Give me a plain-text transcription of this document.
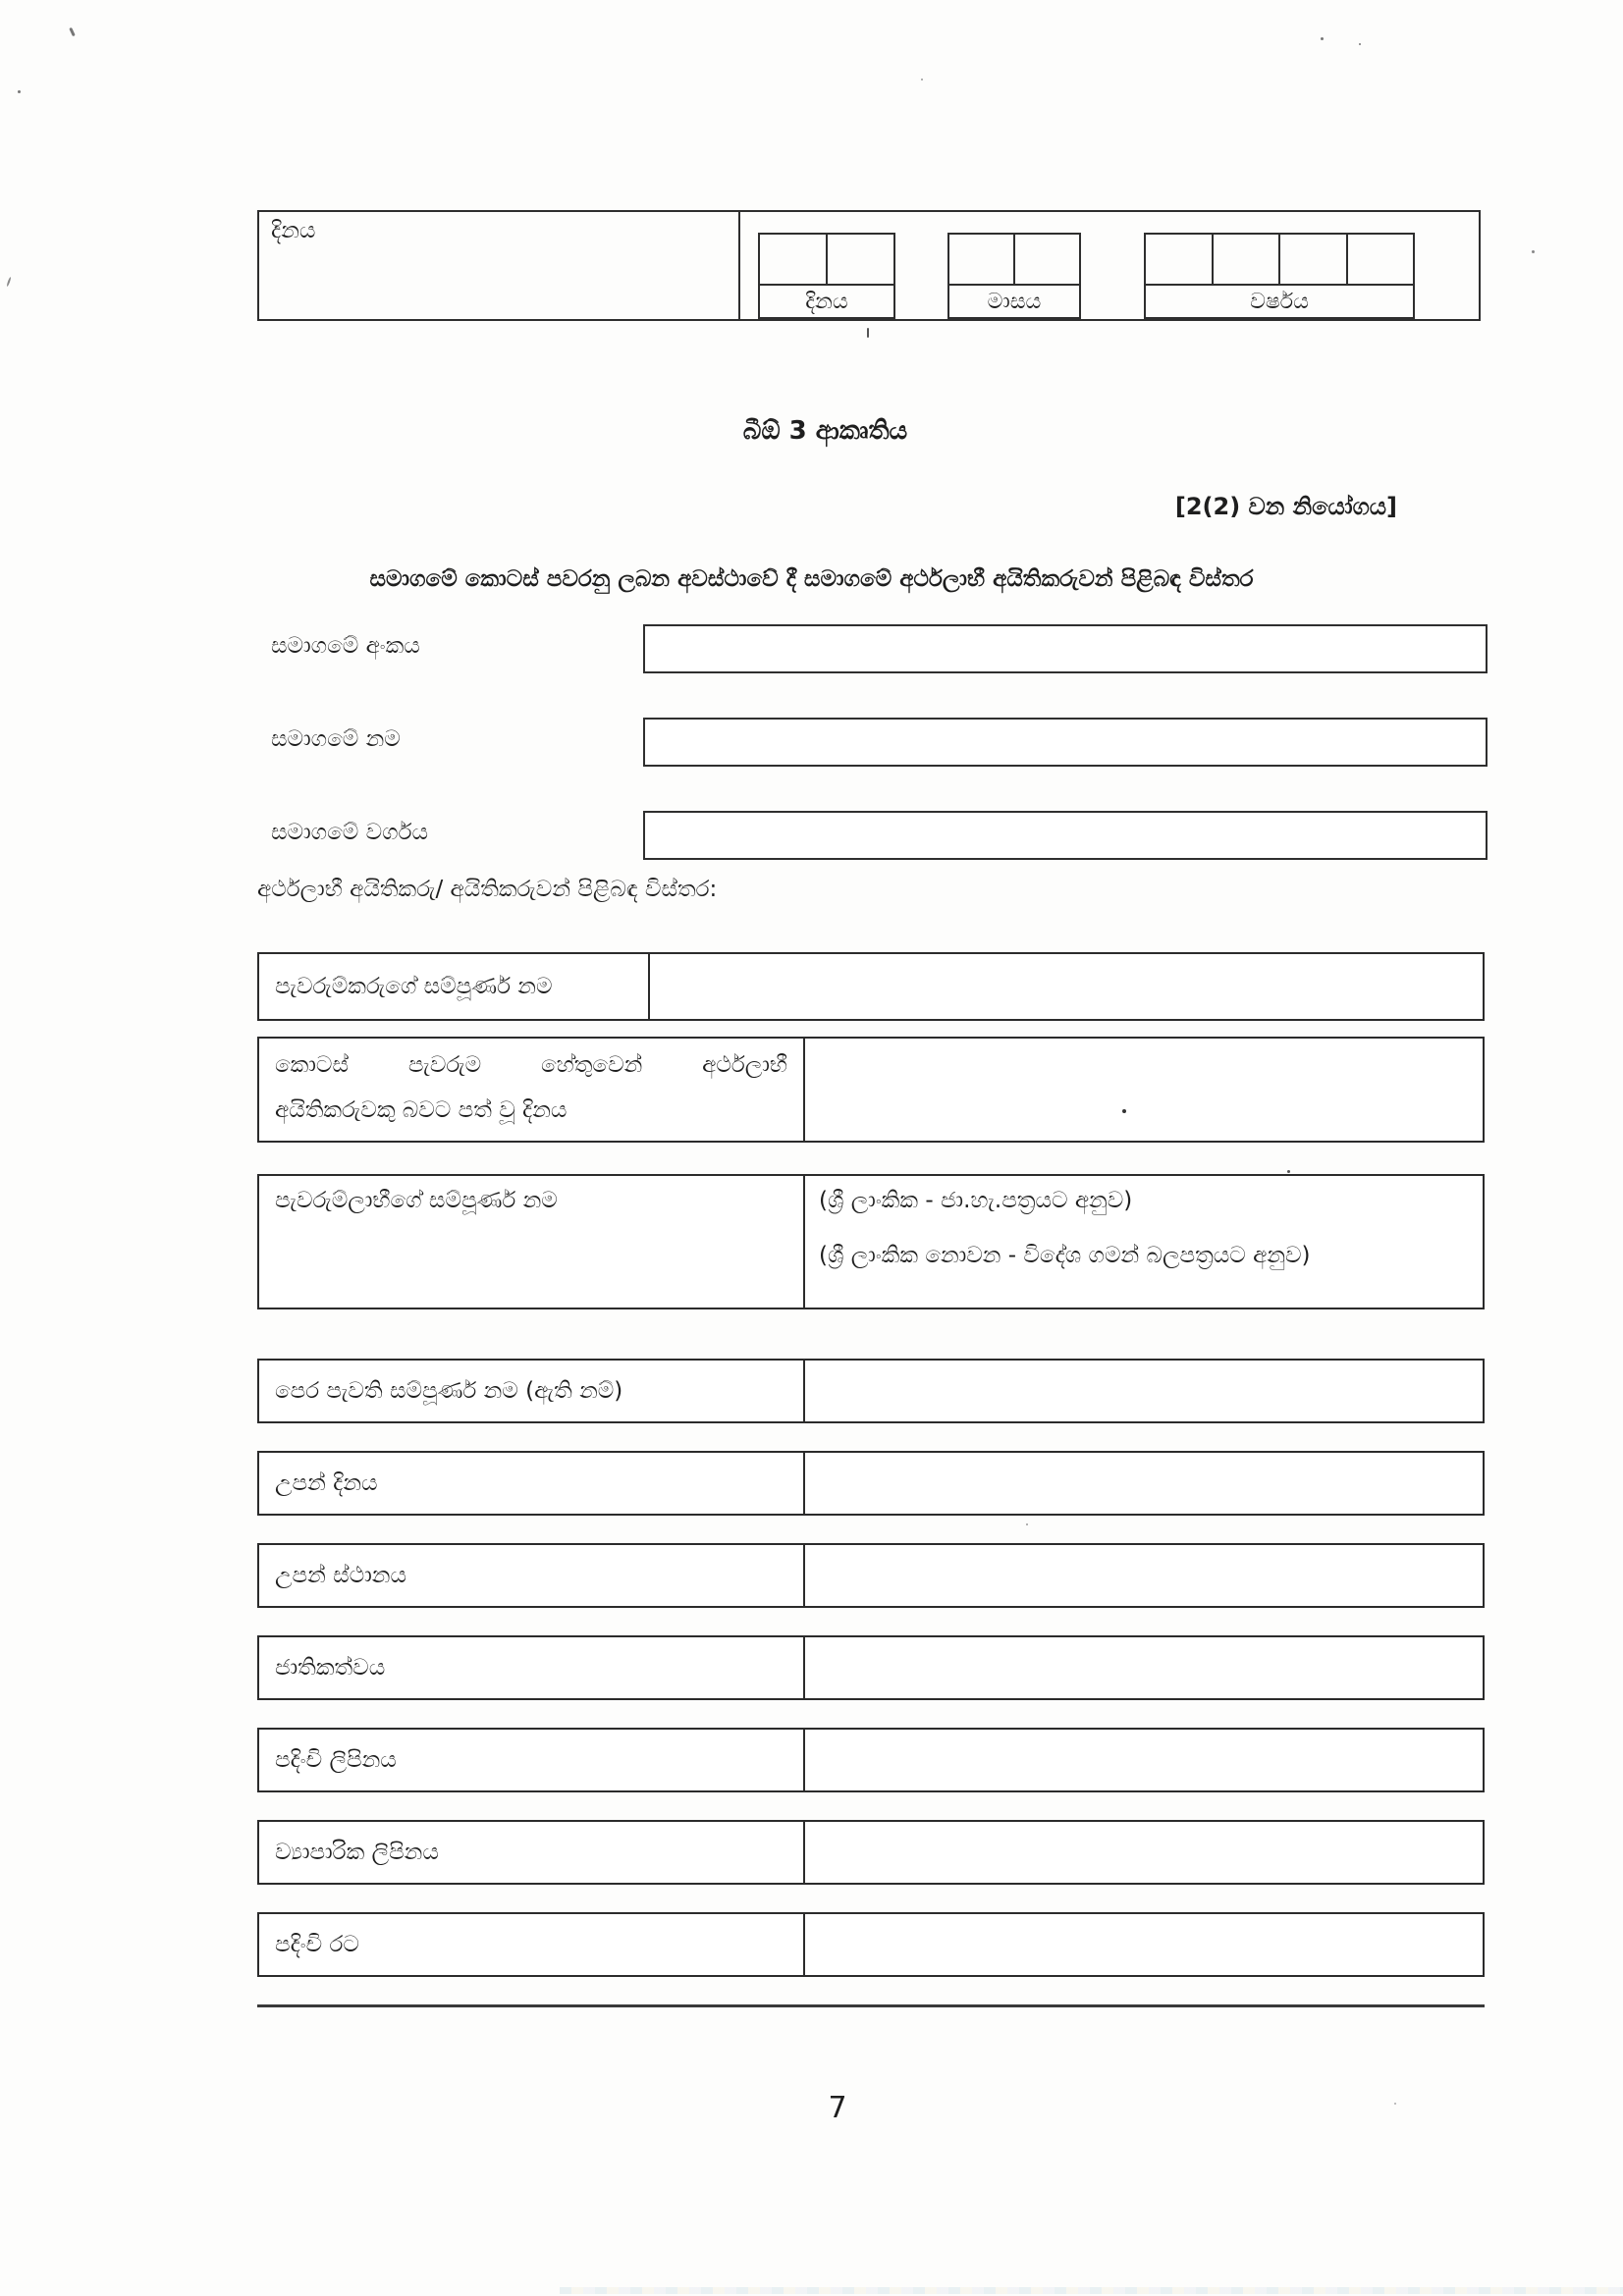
දිනය
දිනය	මාසය	වර්ෂය
බීඕ 3 ආකෘතිය
[2(2) වන නියෝගය]
සමාගමේ කොටස් පවරනු ලබන අවස්ථාවේ දී සමාගමේ අර්ථලාභී අයිතිකරුවන් පිළිබඳ විස්තර
සමාගමේ අංකය
සමාගමේ නම
සමාගමේ වර්ගය
අර්ථලාභී අයිතිකරු/ අයිතිකරුවන් පිළිබඳ විස්තර:
පැවරුම්කරුගේ සම්පූර්ණ නම
කොටස් පැවරුම හේතුවෙන් අර්ථලාභී
අයිතිකරුවකු බවට පත් වූ දිනය
පැවරුම්ලාභීගේ සම්පූර්ණ නම	(ශ්‍රී ලාංකික - ජා.හැ.පත්‍රයට අනුව)
(ශ්‍රී ලාංකික නොවන - විදේශ ගමන් බලපත්‍රයට අනුව)
පෙර පැවති සම්පූර්ණ නම (ඇති නම්)
උපන් දිනය
උපන් ස්ථානය
ජාතිකත්වය
පදිංචි ලිපිනය
ව්‍යාපාරික ලිපිනය
පදිංචි රට
7
